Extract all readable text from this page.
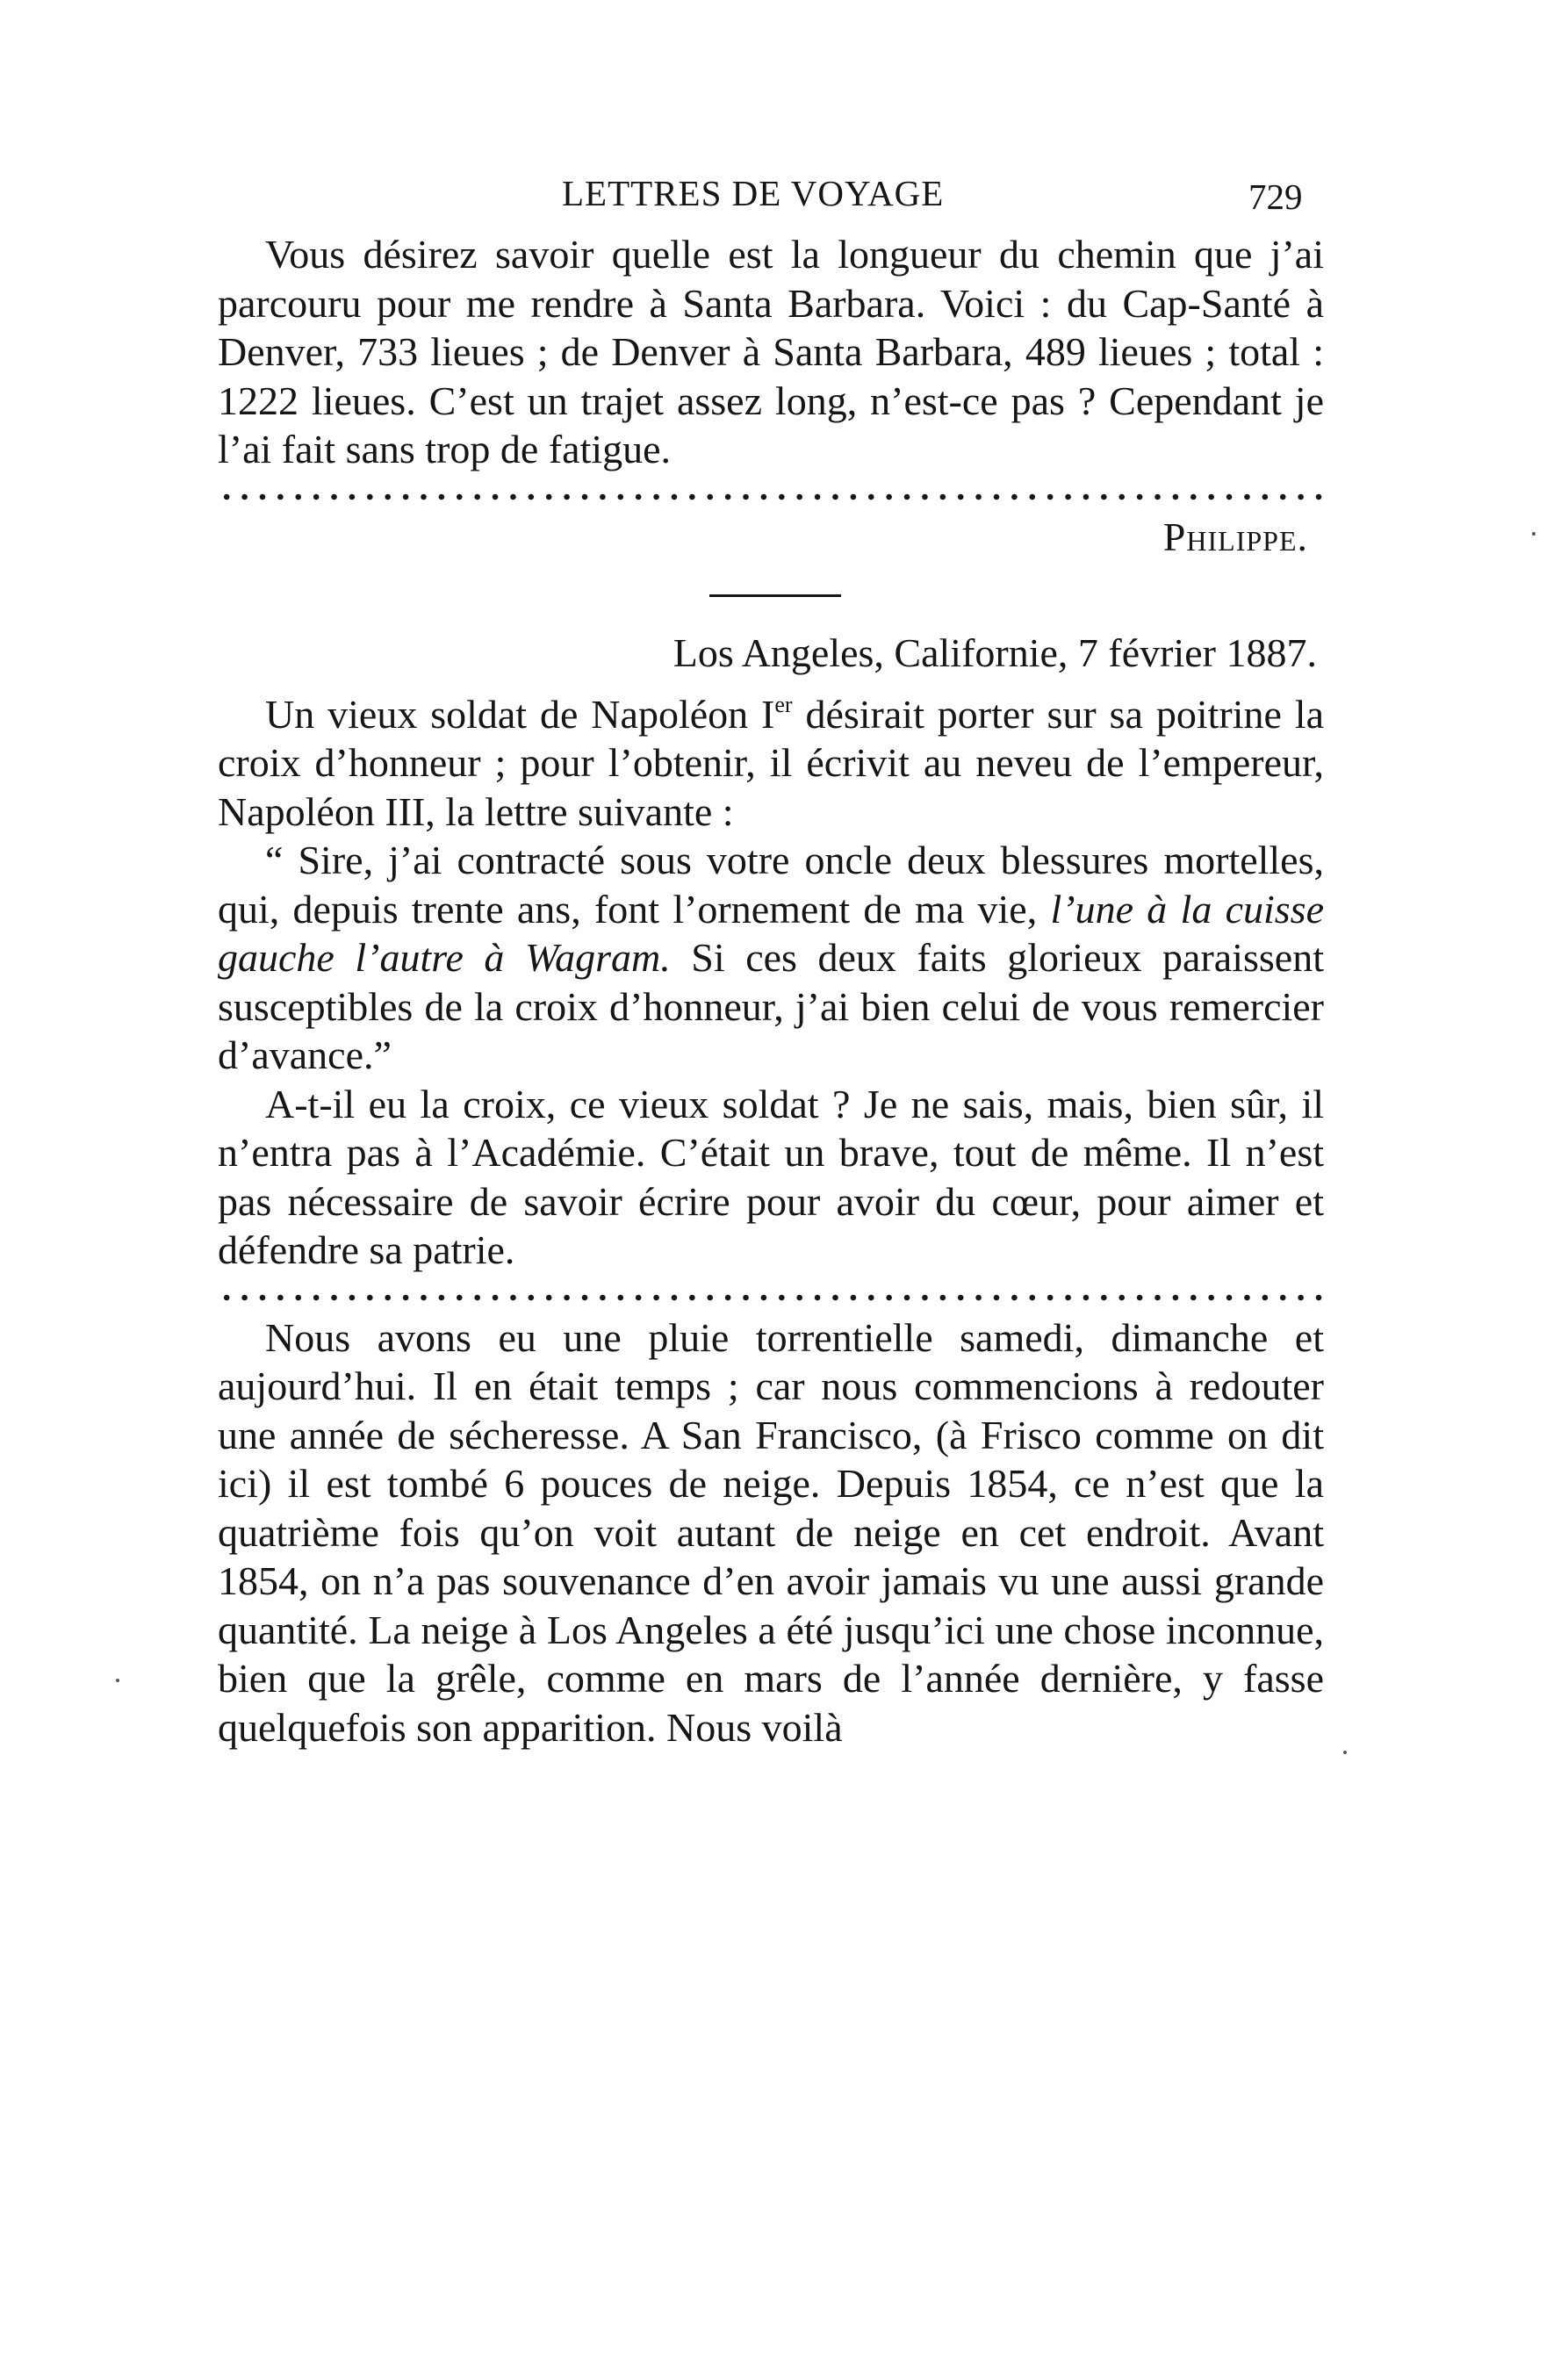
LETTRES DE VOYAGE	729

Vous désirez savoir quelle est la longueur du chemin que j’ai parcouru pour me rendre à Santa Barbara. Voici : du Cap-Santé à Denver, 733 lieues ; de Denver à Santa Barbara, 489 lieues ; total : 1222 lieues. C’est un trajet assez long, n’est-ce pas ? Cependant je l’ai fait sans trop de fatigue.

Philippe.

Los Angeles, Californie, 7 février 1887.

Un vieux soldat de Napoléon Ier désirait porter sur sa poitrine la croix d’honneur ; pour l’obtenir, il écrivit au neveu de l’empereur, Napoléon III, la lettre suivante :

“ Sire, j’ai contracté sous votre oncle deux blessures mortelles, qui, depuis trente ans, font l’ornement de ma vie, l’une à la cuisse gauche l’autre à Wagram. Si ces deux faits glorieux paraissent susceptibles de la croix d’honneur, j’ai bien celui de vous remercier d’avance.”

A-t-il eu la croix, ce vieux soldat ? Je ne sais, mais, bien sûr, il n’entra pas à l’Académie. C’était un brave, tout de même. Il n’est pas nécessaire de savoir écrire pour avoir du cœur, pour aimer et défendre sa patrie.

Nous avons eu une pluie torrentielle samedi, dimanche et aujourd’hui. Il en était temps ; car nous commencions à redouter une année de sécheresse. A San Francisco, (à Frisco comme on dit ici) il est tombé 6 pouces de neige. Depuis 1854, ce n’est que la quatrième fois qu’on voit autant de neige en cet endroit. Avant 1854, on n’a pas souvenance d’en avoir jamais vu une aussi grande quantité. La neige à Los Angeles a été jusqu’ici une chose inconnue, bien que la grêle, comme en mars de l’année dernière, y fasse quelquefois son apparition. Nous voilà
